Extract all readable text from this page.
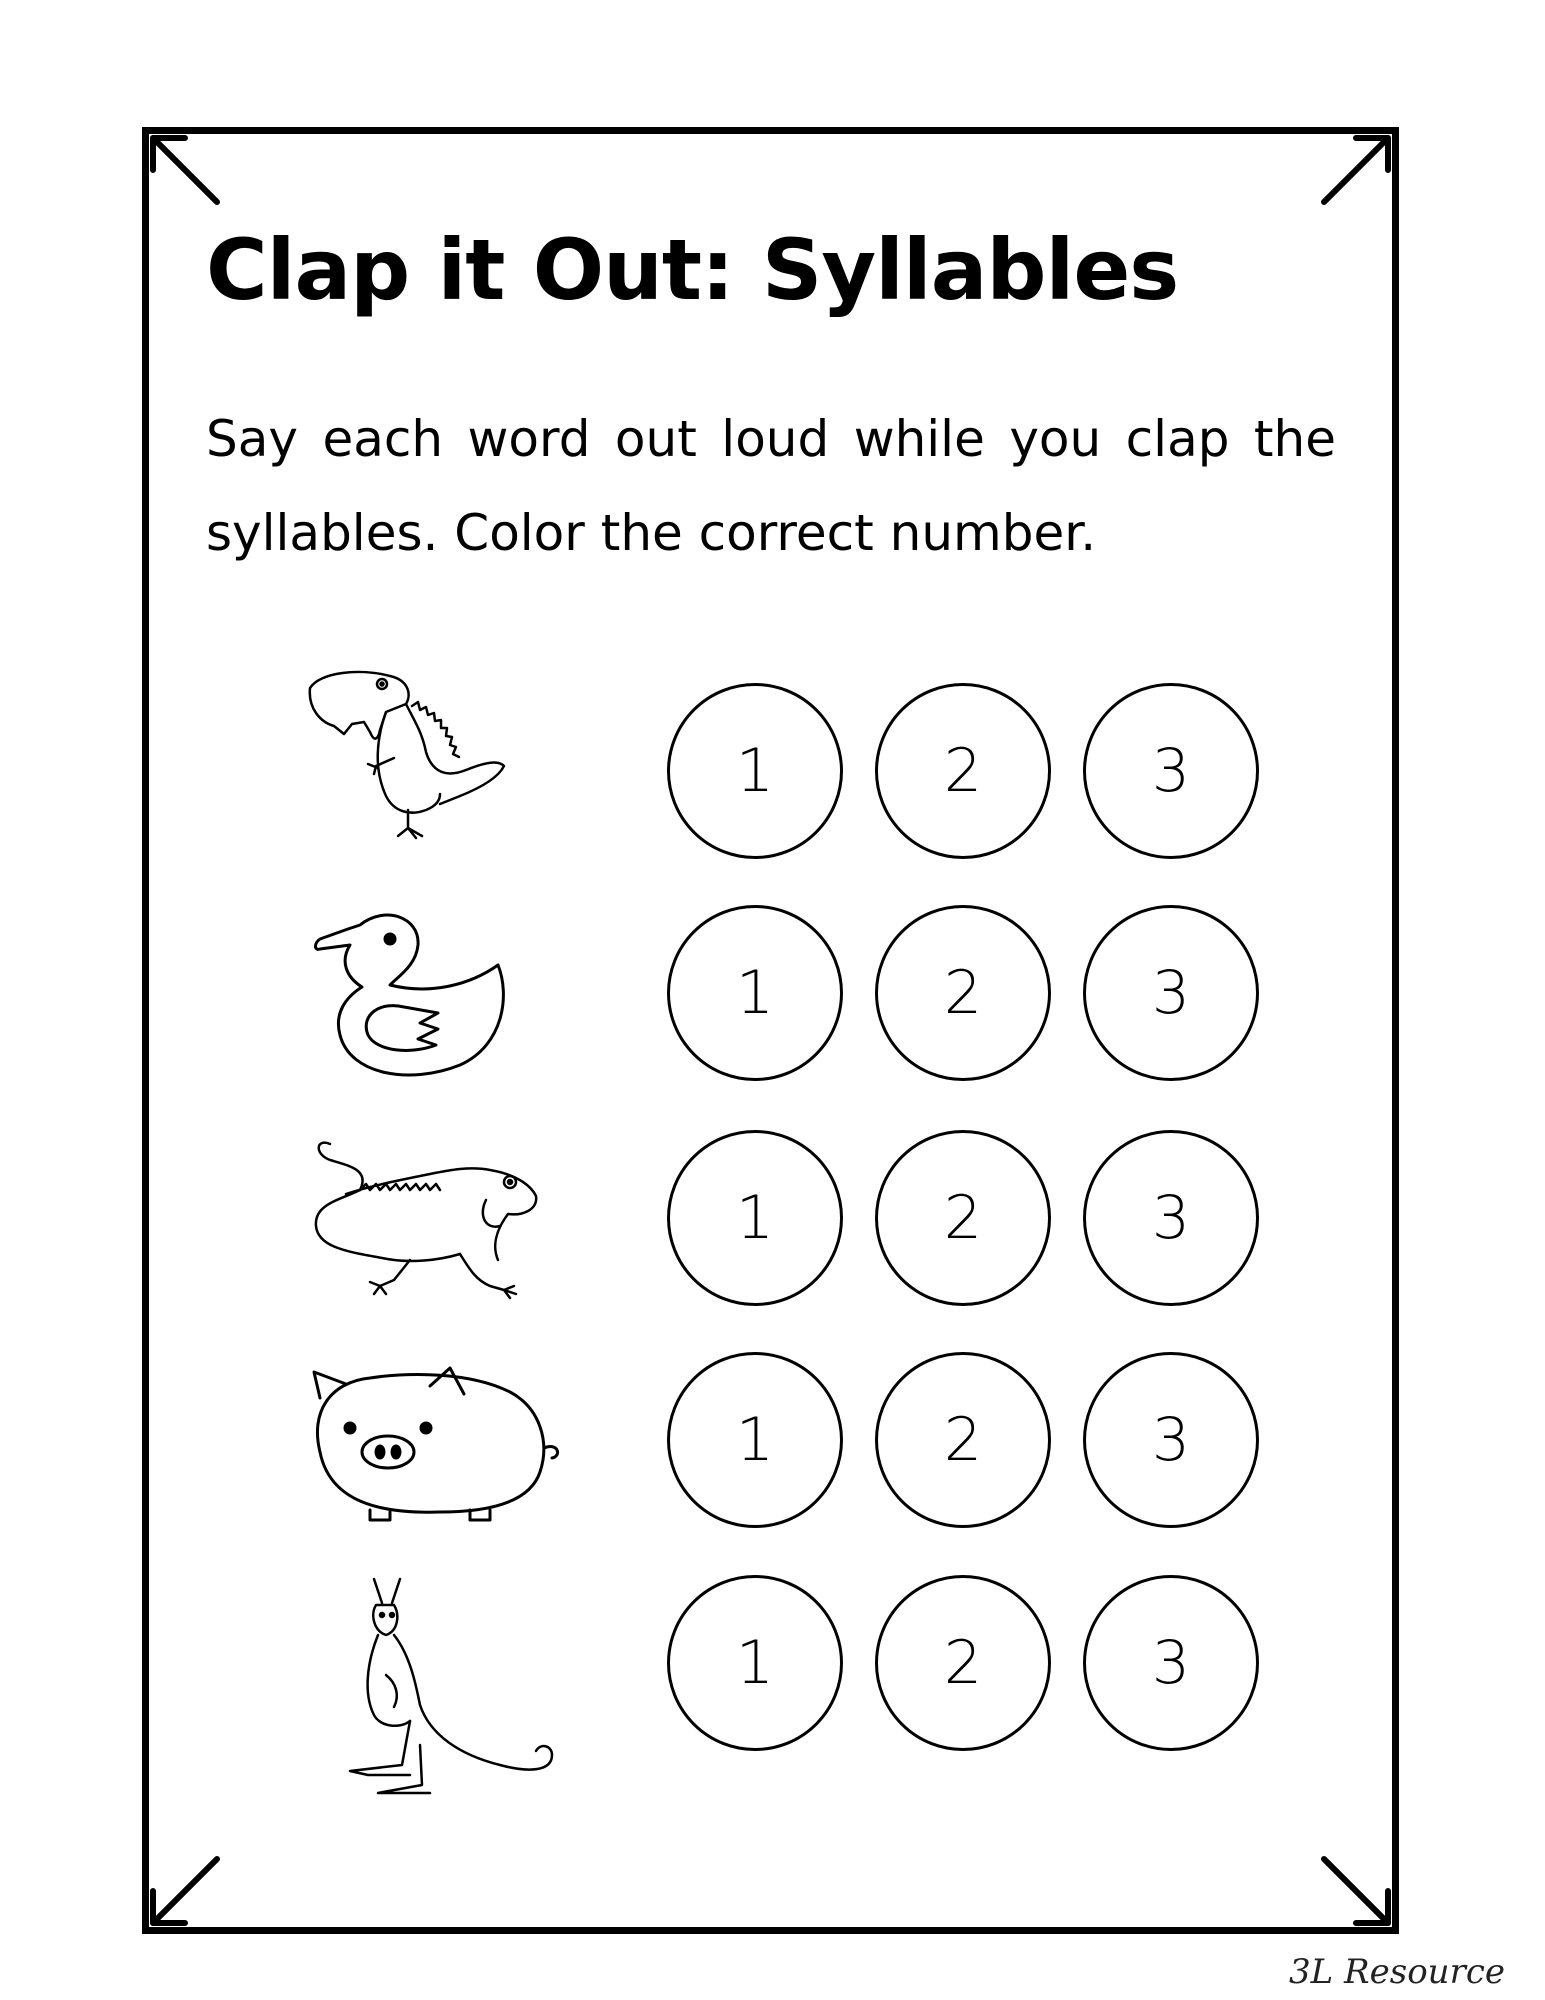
Clap it Out: Syllables

Say each word out loud while you clap the syllables. Color the correct number.

1	2	3
1	2	3
1	2	3
1	2	3
1	2	3
3L Resource
